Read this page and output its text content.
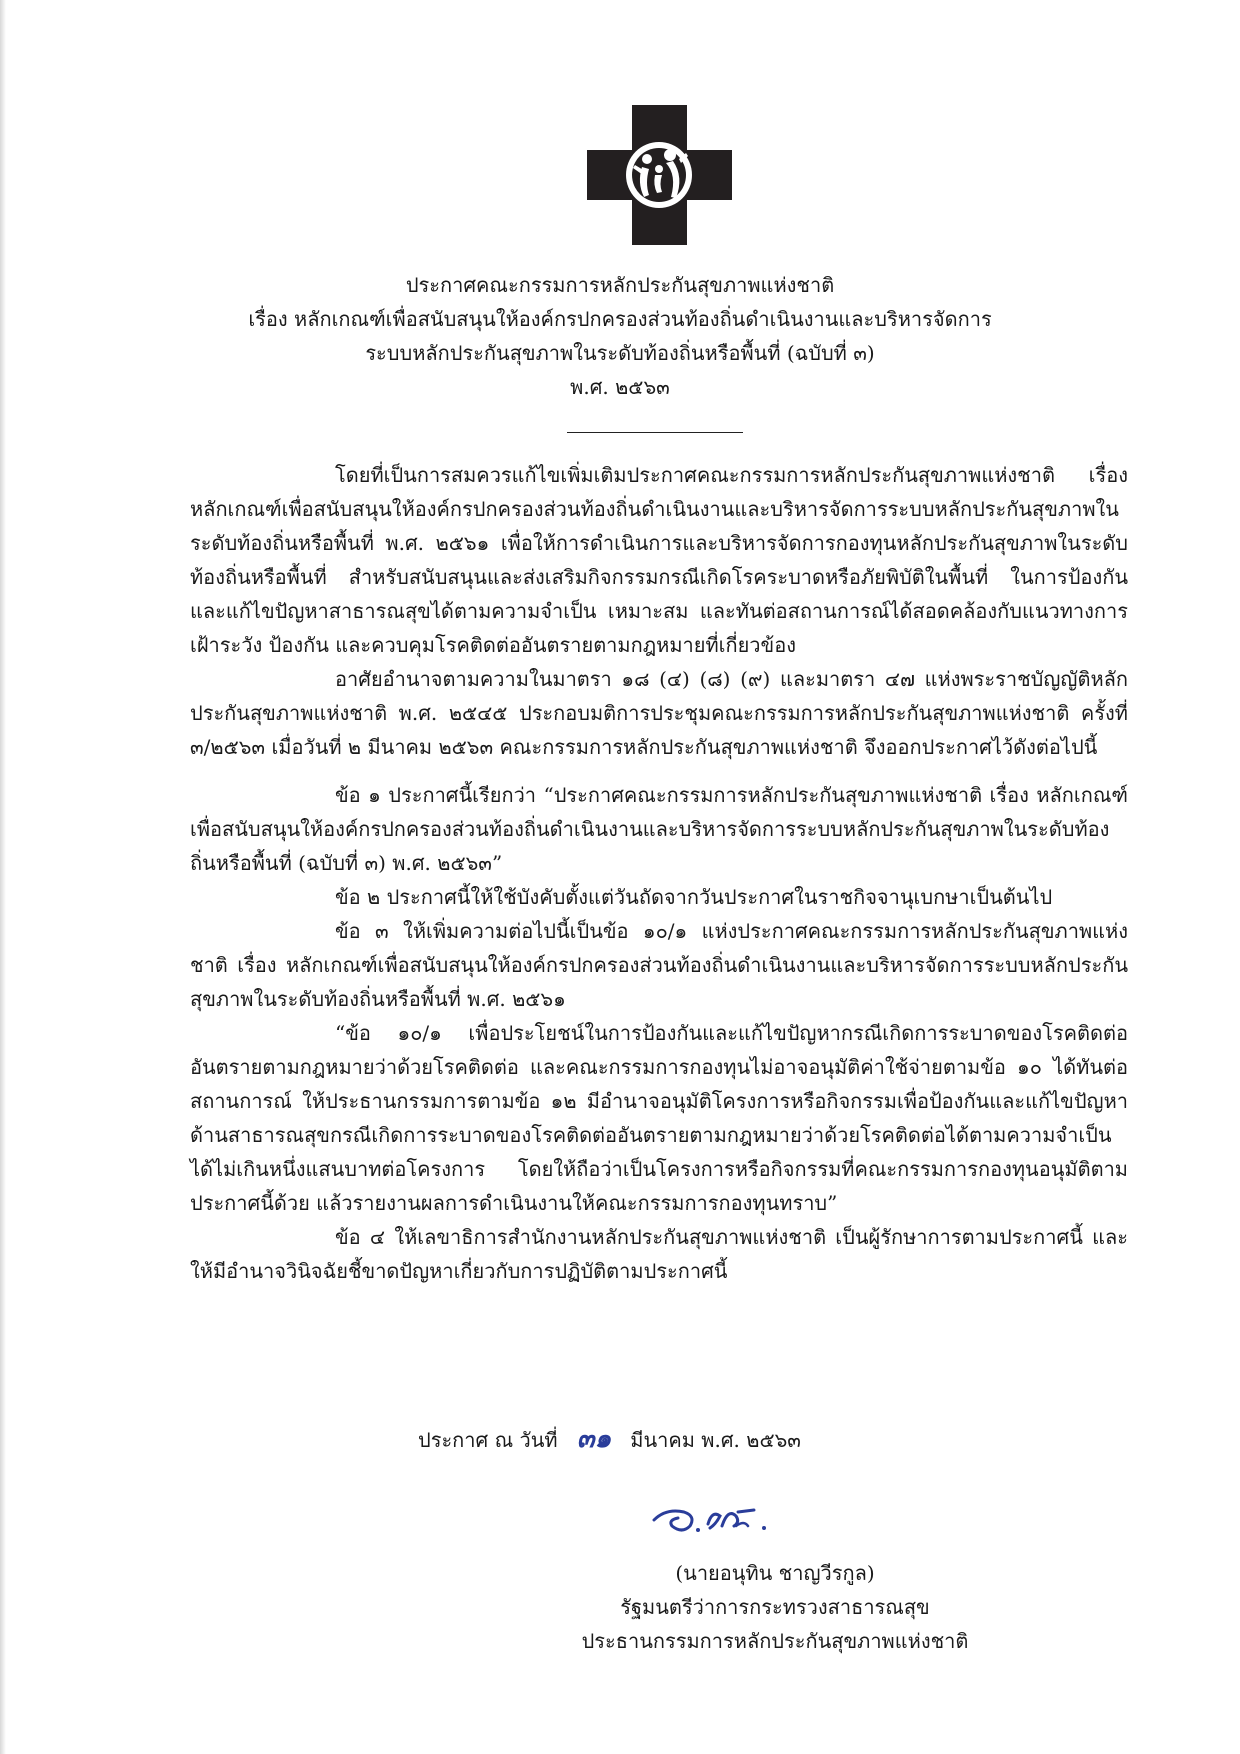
ประกาศคณะกรรมการหลักประกันสุขภาพแห่งชาติ
เรื่อง หลักเกณฑ์เพื่อสนับสนุนให้องค์กรปกครองส่วนท้องถิ่นดำเนินงานและบริหารจัดการ
ระบบหลักประกันสุขภาพในระดับท้องถิ่นหรือพื้นที่ (ฉบับที่ ๓)
พ.ศ. ๒๕๖๓

โดยที่เป็นการสมควรแก้ไขเพิ่มเติมประกาศคณะกรรมการหลักประกันสุขภาพแห่งชาติ เรื่อง หลักเกณฑ์เพื่อสนับสนุนให้องค์กรปกครองส่วนท้องถิ่นดำเนินงานและบริหารจัดการระบบหลักประกันสุขภาพในระดับท้องถิ่นหรือพื้นที่ พ.ศ. ๒๕๖๑ เพื่อให้การดำเนินการและบริหารจัดการกองทุนหลักประกันสุขภาพในระดับท้องถิ่นหรือพื้นที่ สำหรับสนับสนุนและส่งเสริมกิจกรรมกรณีเกิดโรคระบาดหรือภัยพิบัติในพื้นที่ ในการป้องกันและแก้ไขปัญหาสาธารณสุขได้ตามความจำเป็น เหมาะสม และทันต่อสถานการณ์ได้สอดคล้องกับแนวทางการเฝ้าระวัง ป้องกัน และควบคุมโรคติดต่ออันตรายตามกฎหมายที่เกี่ยวข้อง

อาศัยอำนาจตามความในมาตรา ๑๘ (๔) (๘) (๙) และมาตรา ๔๗ แห่งพระราชบัญญัติหลักประกันสุขภาพแห่งชาติ พ.ศ. ๒๕๔๕ ประกอบมติการประชุมคณะกรรมการหลักประกันสุขภาพแห่งชาติ ครั้งที่ ๓/๒๕๖๓ เมื่อวันที่ ๒ มีนาคม ๒๕๖๓ คณะกรรมการหลักประกันสุขภาพแห่งชาติ จึงออกประกาศไว้ดังต่อไปนี้

ข้อ ๑ ประกาศนี้เรียกว่า “ประกาศคณะกรรมการหลักประกันสุขภาพแห่งชาติ เรื่อง หลักเกณฑ์เพื่อสนับสนุนให้องค์กรปกครองส่วนท้องถิ่นดำเนินงานและบริหารจัดการระบบหลักประกันสุขภาพในระดับท้องถิ่นหรือพื้นที่ (ฉบับที่ ๓) พ.ศ. ๒๕๖๓”

ข้อ ๒ ประกาศนี้ให้ใช้บังคับตั้งแต่วันถัดจากวันประกาศในราชกิจจานุเบกษาเป็นต้นไป

ข้อ ๓ ให้เพิ่มความต่อไปนี้เป็นข้อ ๑๐/๑ แห่งประกาศคณะกรรมการหลักประกันสุขภาพแห่งชาติ เรื่อง หลักเกณฑ์เพื่อสนับสนุนให้องค์กรปกครองส่วนท้องถิ่นดำเนินงานและบริหารจัดการระบบหลักประกันสุขภาพในระดับท้องถิ่นหรือพื้นที่ พ.ศ. ๒๕๖๑

“ข้อ ๑๐/๑ เพื่อประโยชน์ในการป้องกันและแก้ไขปัญหากรณีเกิดการระบาดของโรคติดต่ออันตรายตามกฎหมายว่าด้วยโรคติดต่อ และคณะกรรมการกองทุนไม่อาจอนุมัติค่าใช้จ่ายตามข้อ ๑๐ ได้ทันต่อสถานการณ์ ให้ประธานกรรมการตามข้อ ๑๒ มีอำนาจอนุมัติโครงการหรือกิจกรรมเพื่อป้องกันและแก้ไขปัญหาด้านสาธารณสุขกรณีเกิดการระบาดของโรคติดต่ออันตรายตามกฎหมายว่าด้วยโรคติดต่อได้ตามความจำเป็น ได้ไม่เกินหนึ่งแสนบาทต่อโครงการ โดยให้ถือว่าเป็นโครงการหรือกิจกรรมที่คณะกรรมการกองทุนอนุมัติตามประกาศนี้ด้วย แล้วรายงานผลการดำเนินงานให้คณะกรรมการกองทุนทราบ”

ข้อ ๔ ให้เลขาธิการสำนักงานหลักประกันสุขภาพแห่งชาติ เป็นผู้รักษาการตามประกาศนี้ และให้มีอำนาจวินิจฉัยชี้ขาดปัญหาเกี่ยวกับการปฏิบัติตามประกาศนี้

ประกาศ ณ วันที่ ๓๑ มีนาคม พ.ศ. ๒๕๖๓
(นายอนุทิน ชาญวีรกูล)
รัฐมนตรีว่าการกระทรวงสาธารณสุข
ประธานกรรมการหลักประกันสุขภาพแห่งชาติ
